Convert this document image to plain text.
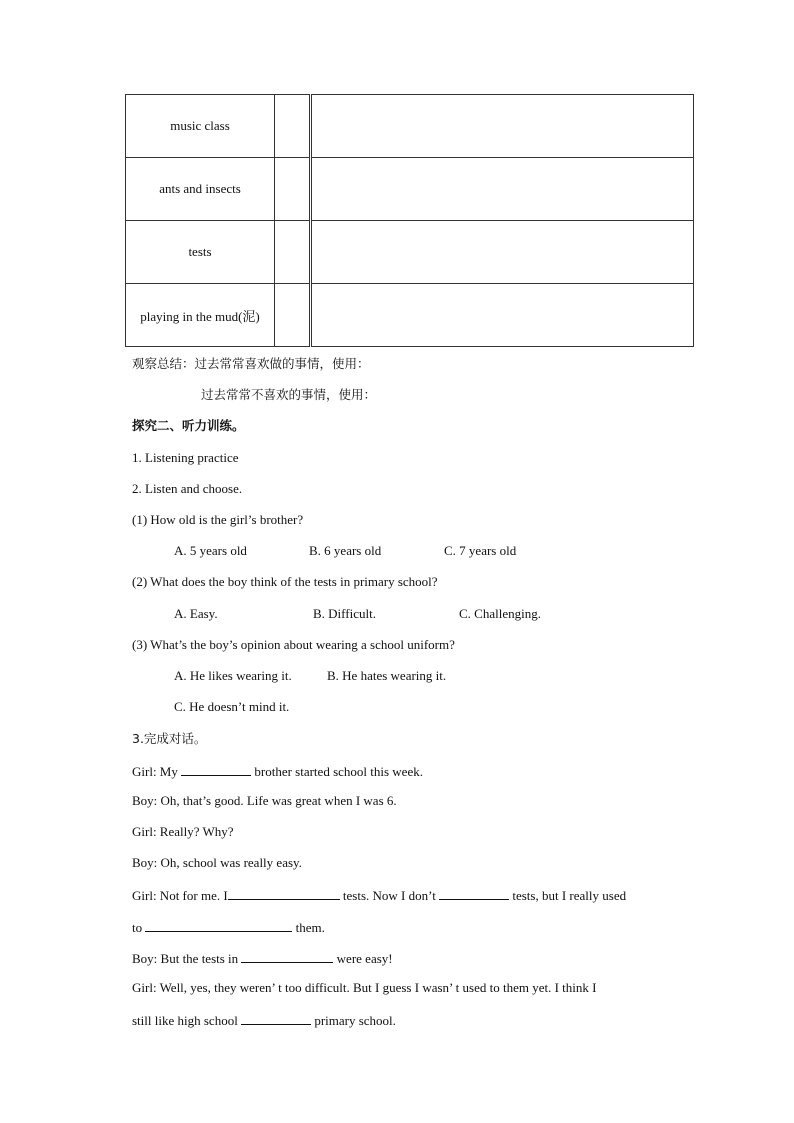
music class		
ants and insects		
tests		
playing in the mud(泥)		
观察总结：过去常常喜欢做的事情，使用：
过去常常不喜欢的事情，使用：
探究二、听力训练。
1. Listening practice
2. Listen and choose.
(1) How old is the girl’s brother?
A. 5 years old	B. 6 years old	C. 7 years old
(2) What does the boy think of the tests in primary school?
A. Easy.	B. Difficult.	C. Challenging.
(3) What’s the boy’s opinion about wearing a school uniform?
A. He likes wearing it.	B. He hates wearing it.
C. He doesn’t mind it.
3.完成对话。
Girl: My	brother started school this week.
Boy: Oh, that’s good. Life was great when I was 6.
Girl: Really? Why?
Boy: Oh, school was really easy.
Girl: Not for me. I	tests. Now I don’t	tests, but I really used
to	them.
Boy: But the tests in	were easy!
Girl: Well, yes, they weren’ t too difficult. But I guess I wasn’ t used to them yet. I think I
still like high school	primary school.
